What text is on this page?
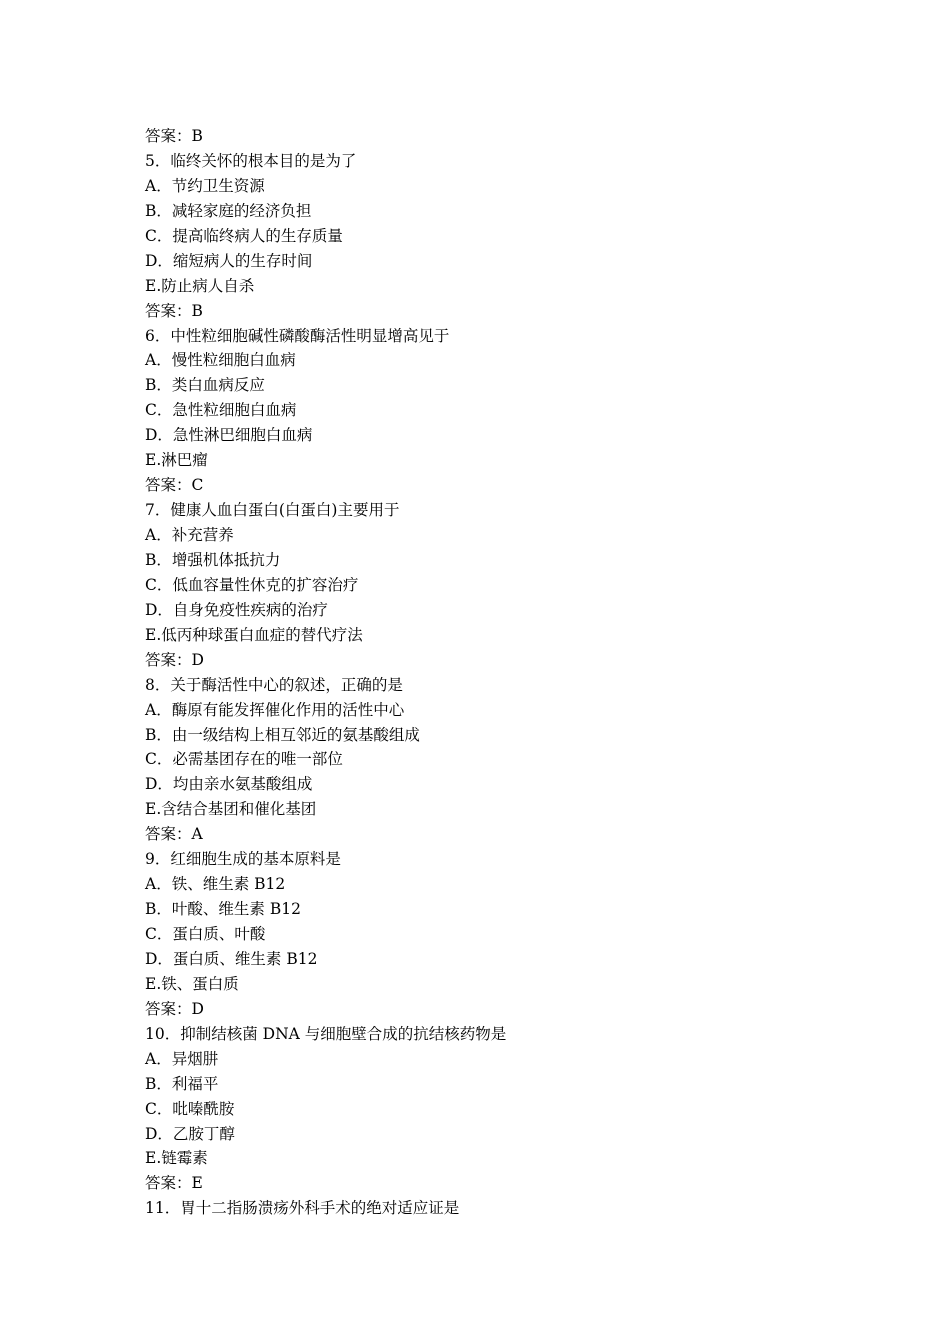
答案：B
5．临终关怀的根本目的是为了
A．节约卫生资源
B．减轻家庭的经济负担
C．提高临终病人的生存质量
D．缩短病人的生存时间
E.防止病人自杀
答案：B
6．中性粒细胞碱性磷酸酶活性明显增高见于
A．慢性粒细胞白血病
B．类白血病反应
C．急性粒细胞白血病
D．急性淋巴细胞白血病
E.淋巴瘤
答案：C
7．健康人血白蛋白(白蛋白)主要用于
A．补充营养
B．增强机体抵抗力
C．低血容量性休克的扩容治疗
D．自身免疫性疾病的治疗
E.低丙种球蛋白血症的替代疗法
答案：D
8．关于酶活性中心的叙述，正确的是
A．酶原有能发挥催化作用的活性中心
B．由一级结构上相互邻近的氨基酸组成
C．必需基团存在的唯一部位
D．均由亲水氨基酸组成
E.含结合基团和催化基团
答案：A
9．红细胞生成的基本原料是
A．铁、维生素 B12
B．叶酸、维生素 B12
C．蛋白质、叶酸
D．蛋白质、维生素 B12
E.铁、蛋白质
答案：D
10．抑制结核菌 DNA 与细胞壁合成的抗结核药物是
A．异烟肼
B．利福平
C．吡嗪酰胺
D．乙胺丁醇
E.链霉素
答案：E
11．胃十二指肠溃疡外科手术的绝对适应证是
